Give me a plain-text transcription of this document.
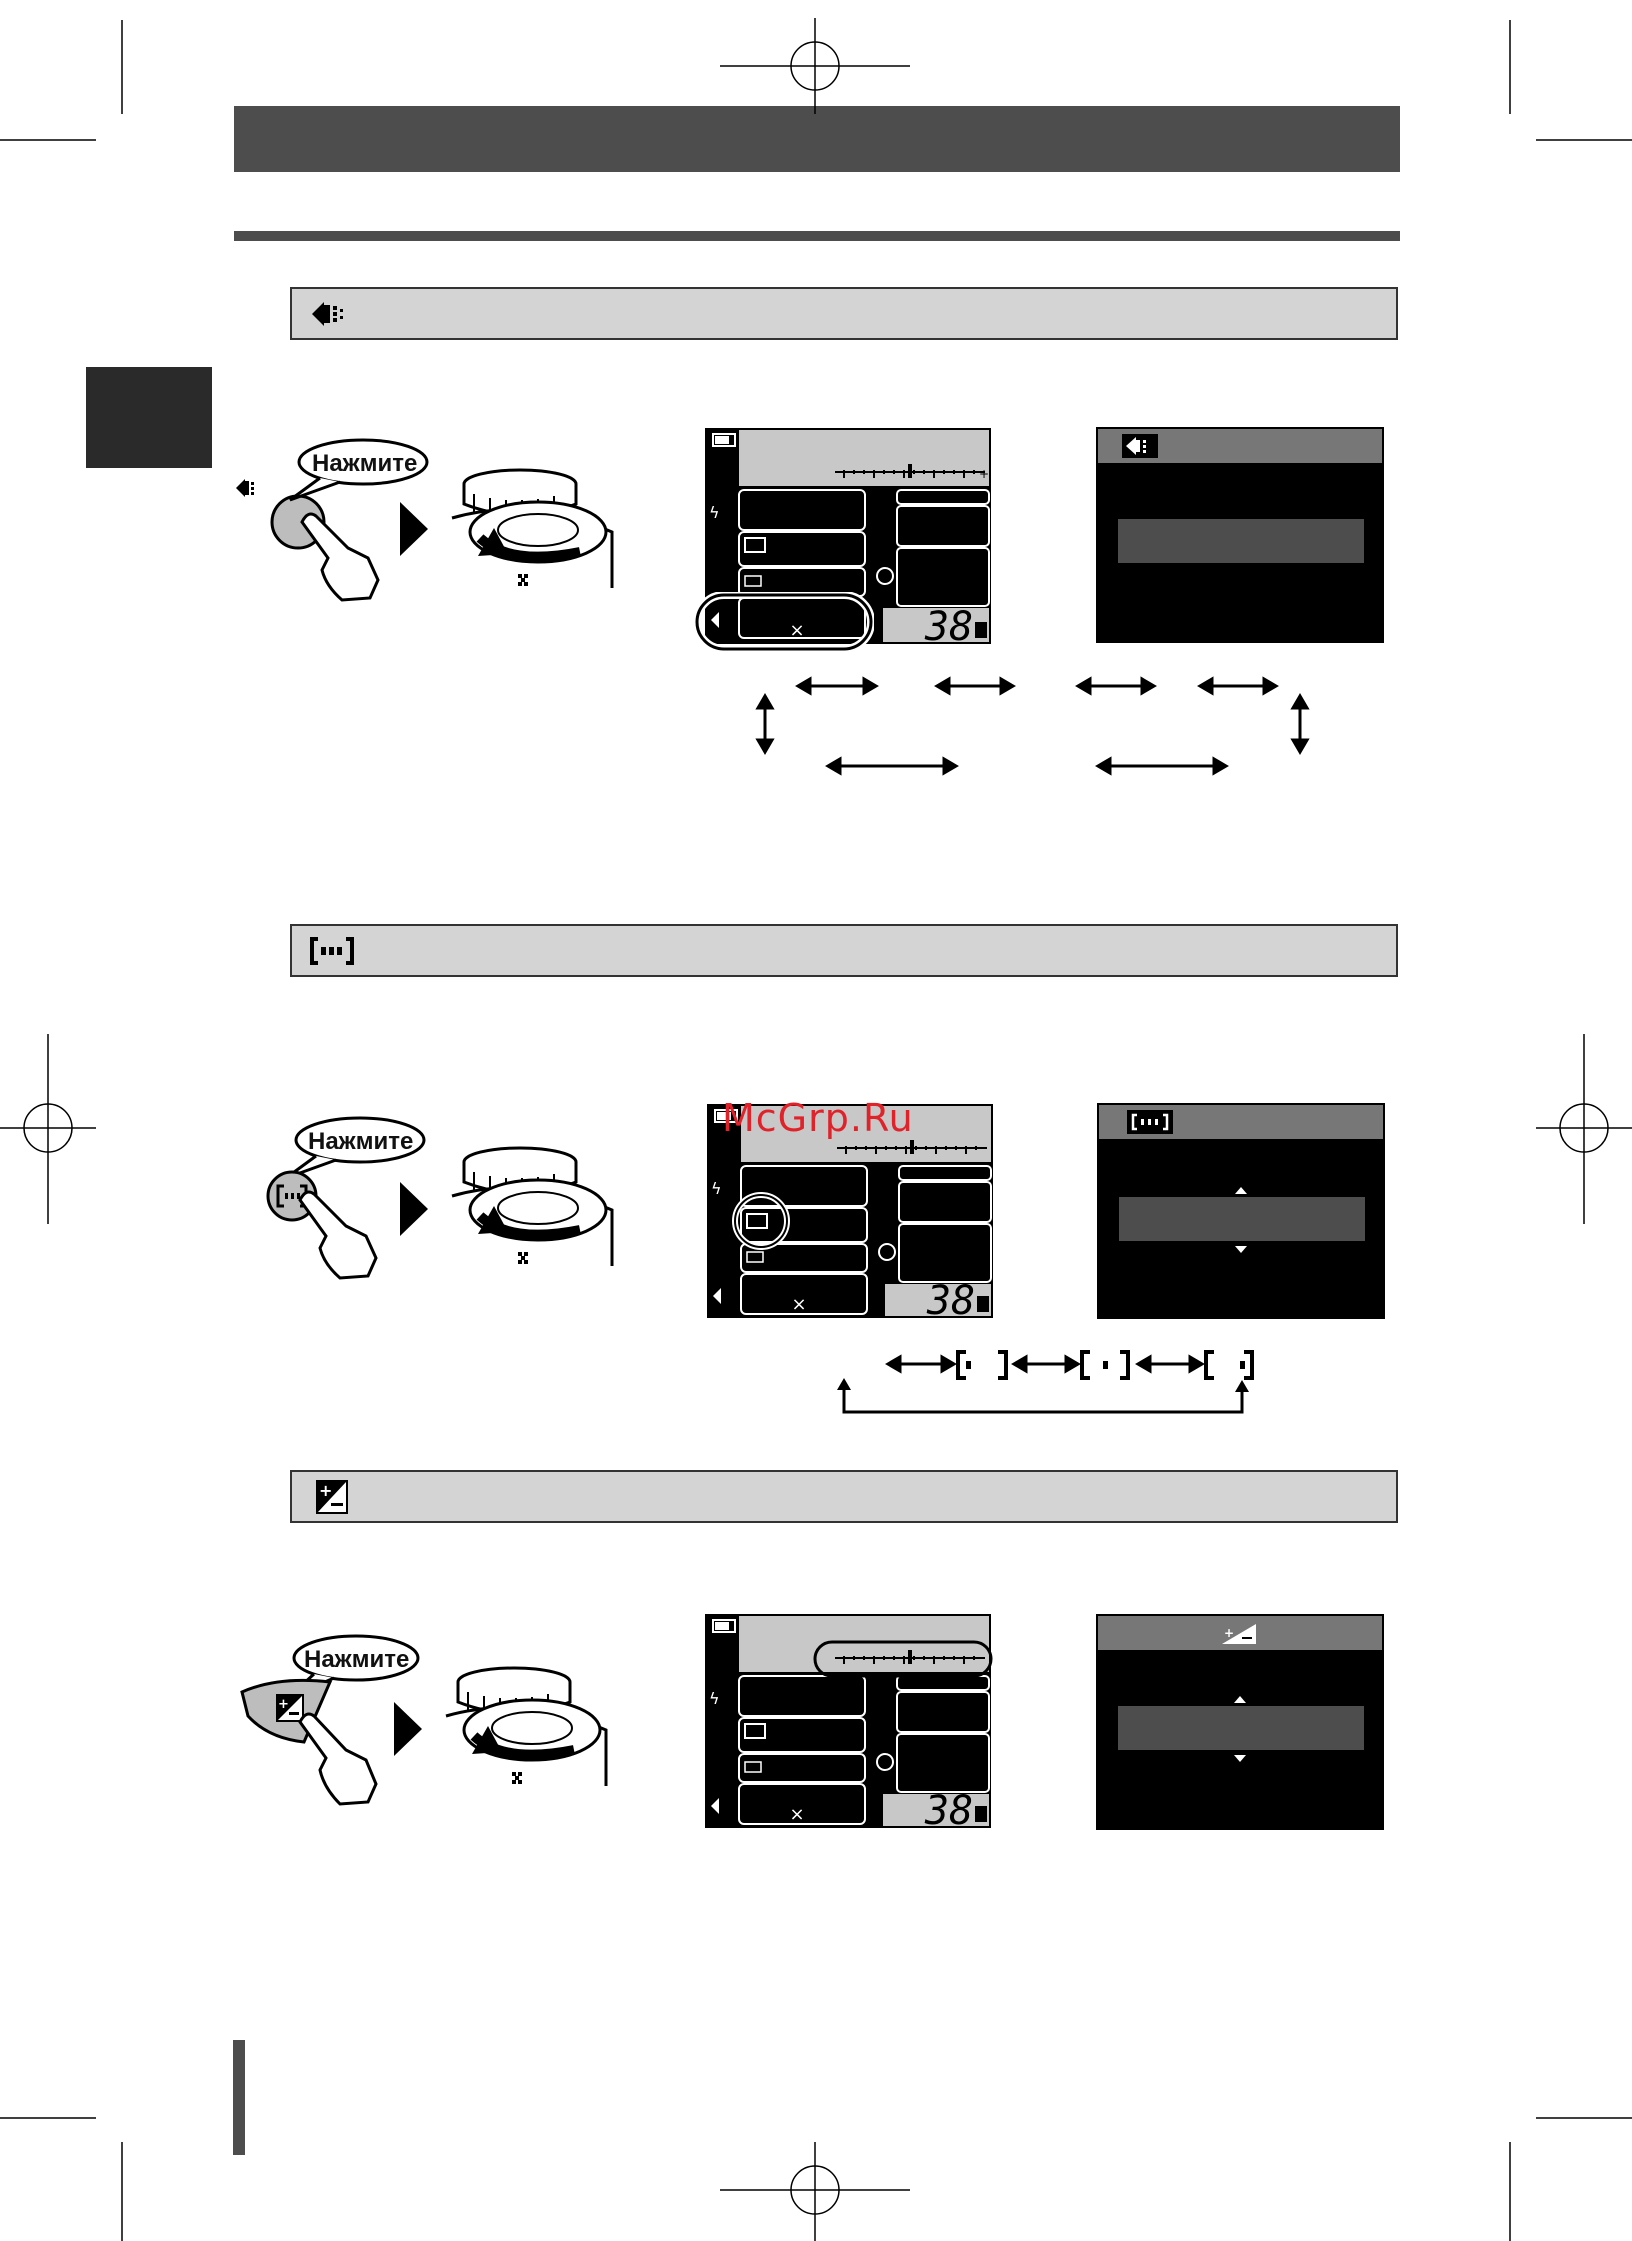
+
Нажмите	+
ϟ
×	38
Нажмите
ϟ
×	38
McGrp.Ru
Нажмите
+	ϟ
×	38
+
